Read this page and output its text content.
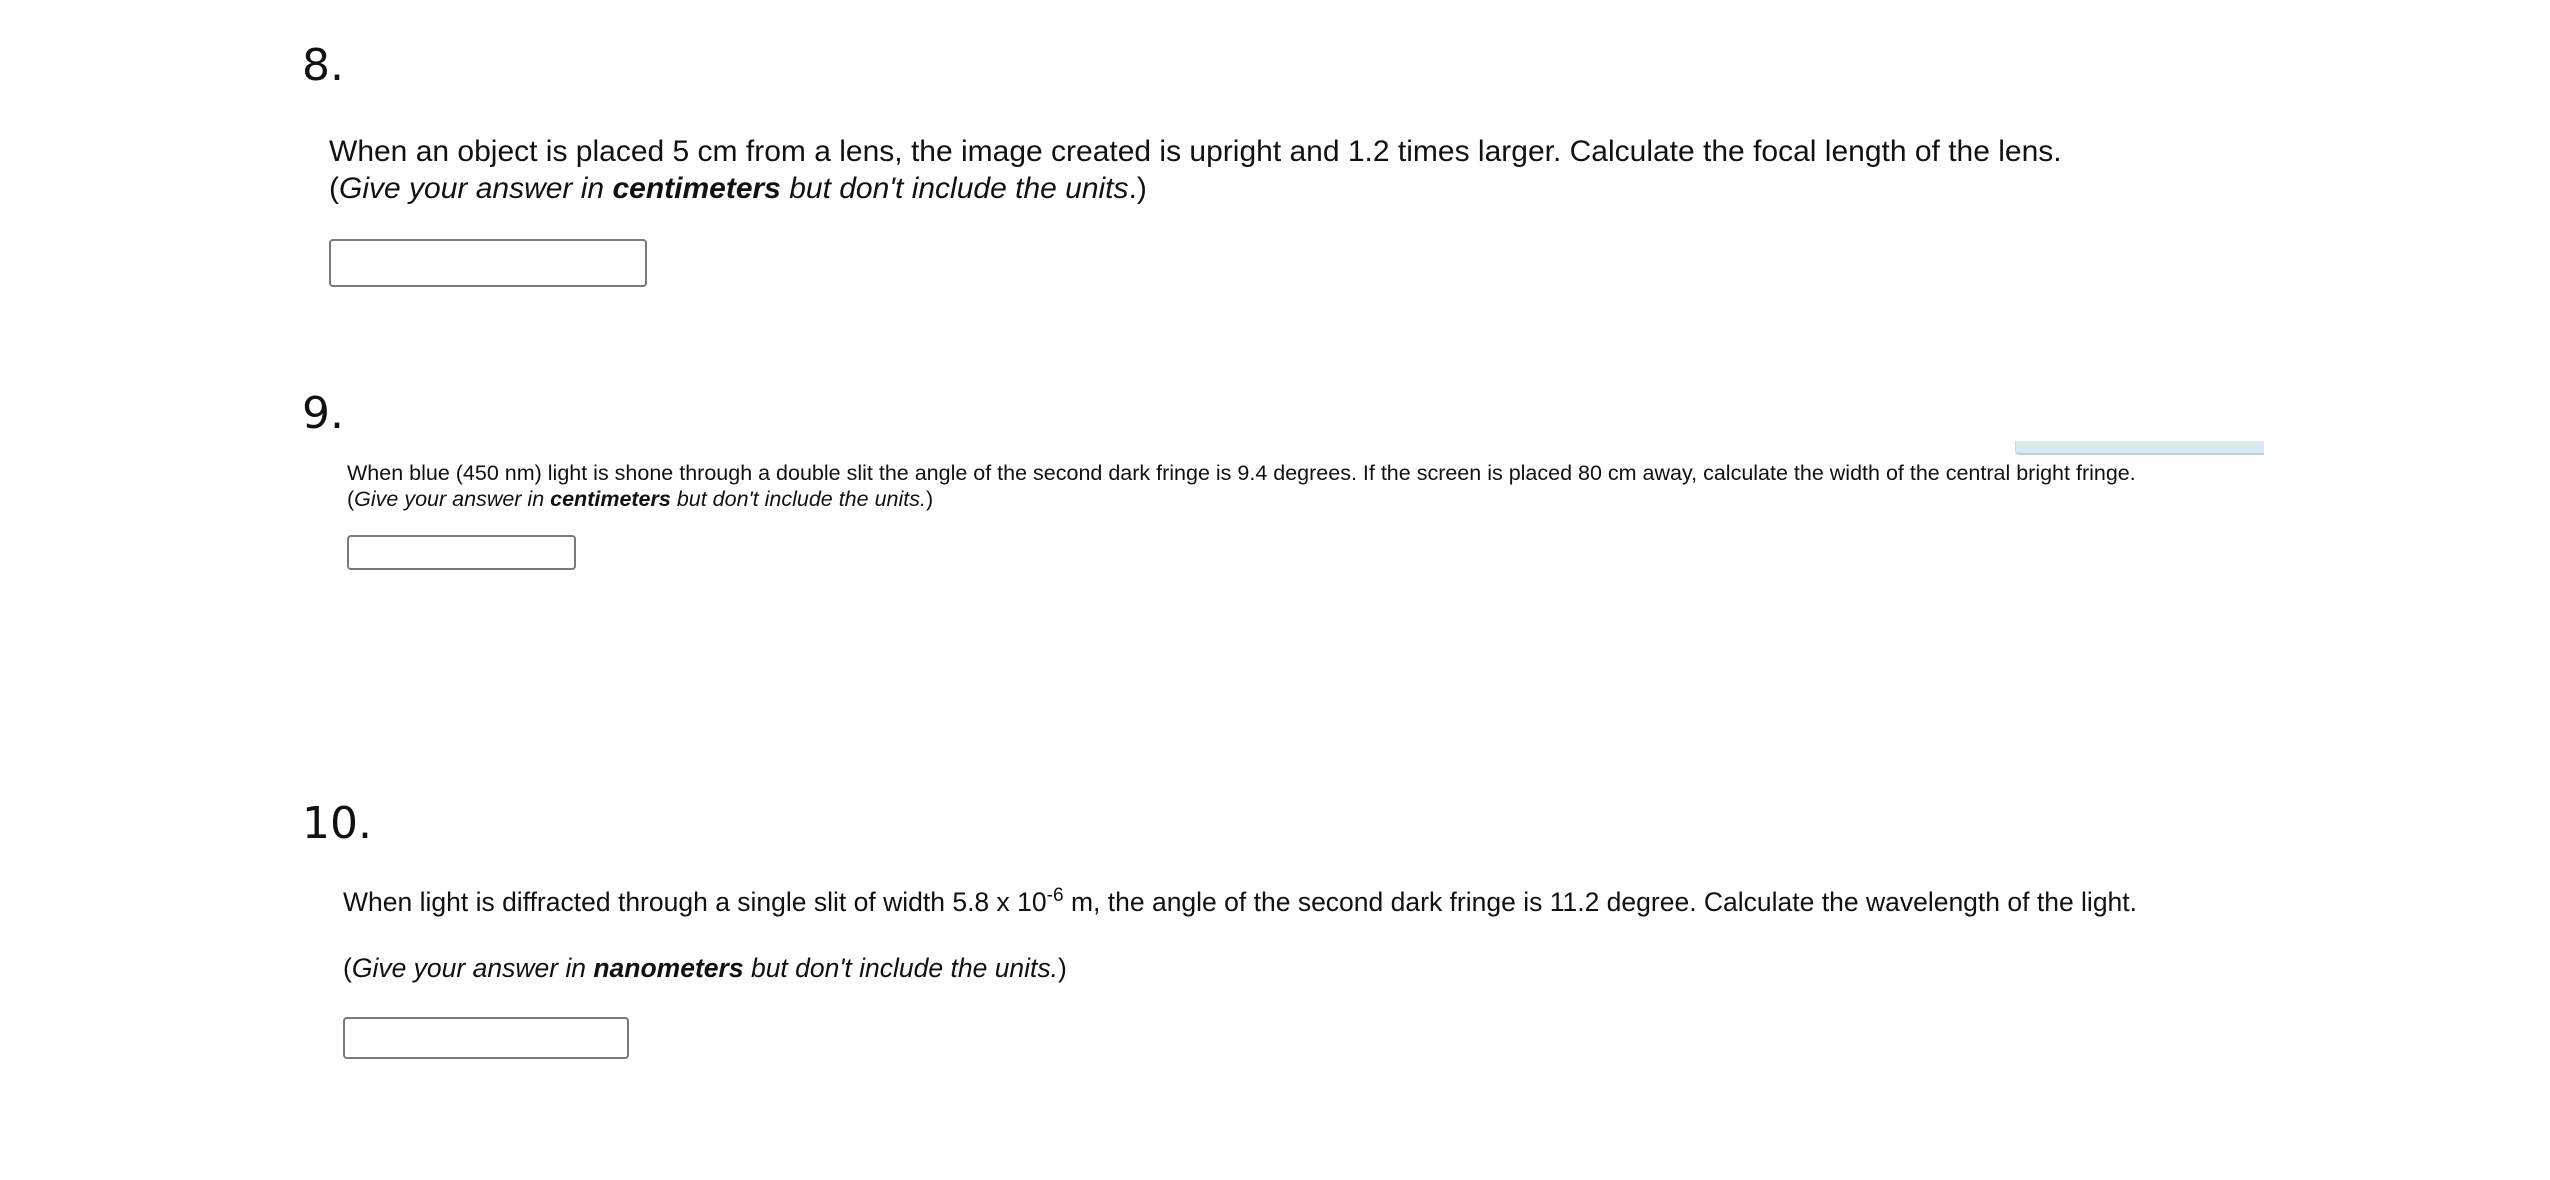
8.

When an object is placed 5 cm from a lens, the image created is upright and 1.2 times larger. Calculate the focal length of the lens.

(Give your answer in centimeters but don't include the units.)

9.

When blue (450 nm) light is shone through a double slit the angle of the second dark fringe is 9.4 degrees. If the screen is placed 80 cm away, calculate the width of the central bright fringe.

(Give your answer in centimeters but don't include the units.)

10.

When light is diffracted through a single slit of width 5.8 x $10^{-6}$ m, the angle of the second dark fringe is 11.2 degree. Calculate the wavelength of the light.

(Give your answer in nanometers but don't include the units.)
